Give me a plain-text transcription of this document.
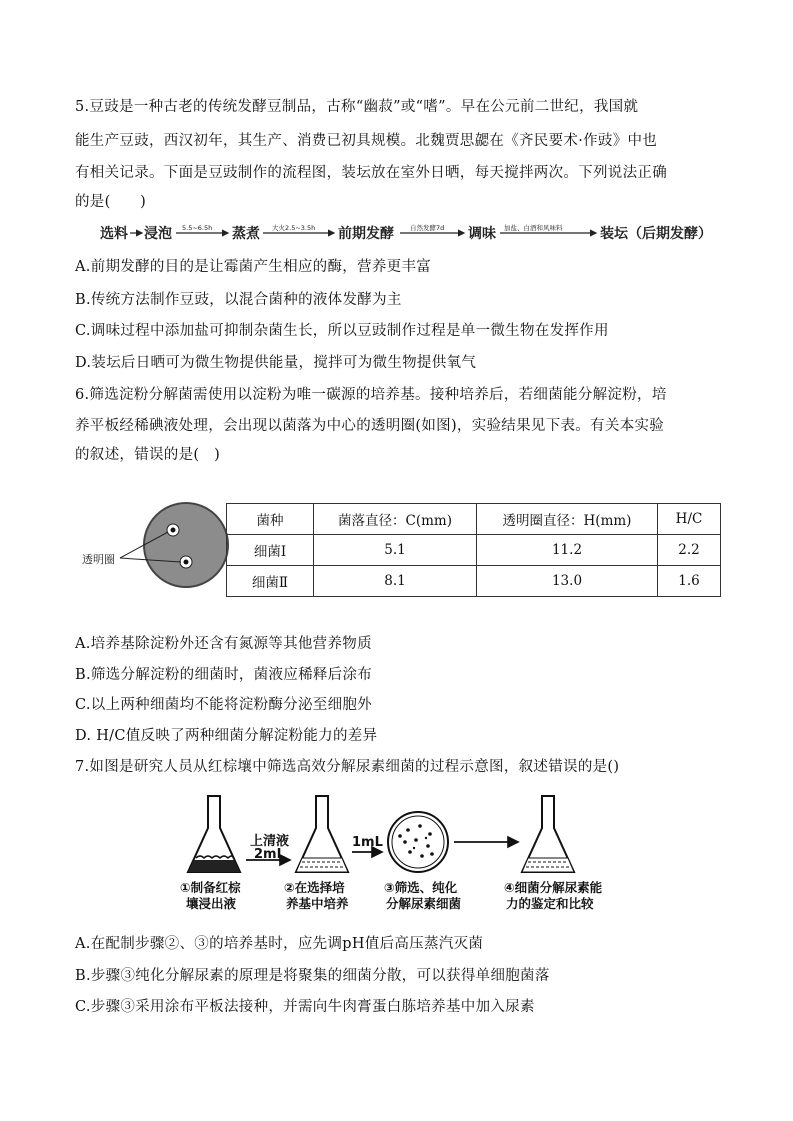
5.豆豉是一种古老的传统发酵豆制品，古称“幽菽”或“嗜”。早在公元前二世纪，我国就
能生产豆豉，西汉初年，其生产、消费已初具规模。北魏贾思勰在《齐民要术·作豉》中也
有相关记录。下面是豆豉制作的流程图，装坛放在室外日晒，每天搅拌两次。下列说法正确
的是(　　)
选料 浸泡 5.5~6.5h 蒸煮 大火2.5~3.5h 前期发酵 自然发酵7d 调味 加盐、白酒和风味料	装坛（后期发酵）
A.前期发酵的目的是让霉菌产生相应的酶，营养更丰富
B.传统方法制作豆豉，以混合菌种的液体发酵为主
C.调味过程中添加盐可抑制杂菌生长，所以豆豉制作过程是单一微生物在发挥作用
D.装坛后日晒可为微生物提供能量，搅拌可为微生物提供氧气
6.筛选淀粉分解菌需使用以淀粉为唯一碳源的培养基。接种培养后，若细菌能分解淀粉，培
养平板经稀碘液处理，会出现以菌落为中心的透明圈(如图)，实验结果见下表。有关本实验
的叙述，错误的是(　)
透明圈
菌种	菌落直径：C(mm)	透明圈直径：H(mm)	H/C
细菌Ⅰ	5.1	11.2	2.2
细菌Ⅱ	8.1	13.0	1.6
A.培养基除淀粉外还含有氮源等其他营养物质
B.筛选分解淀粉的细菌时，菌液应稀释后涂布
C.以上两种细菌均不能将淀粉酶分泌至细胞外
D. H/C值反映了两种细菌分解淀粉能力的差异
7.如图是研究人员从红棕壤中筛选高效分解尿素细菌的过程示意图，叙述错误的是()
上清液
2mL
1mL
①制备红棕
壤浸出液
②在选择培
养基中培养
③筛选、纯化
分解尿素细菌
④细菌分解尿素能
力的鉴定和比较
A.在配制步骤②、③的培养基时，应先调pH值后高压蒸汽灭菌
B.步骤③纯化分解尿素的原理是将聚集的细菌分散，可以获得单细胞菌落
C.步骤③采用涂布平板法接种，并需向牛肉膏蛋白胨培养基中加入尿素
